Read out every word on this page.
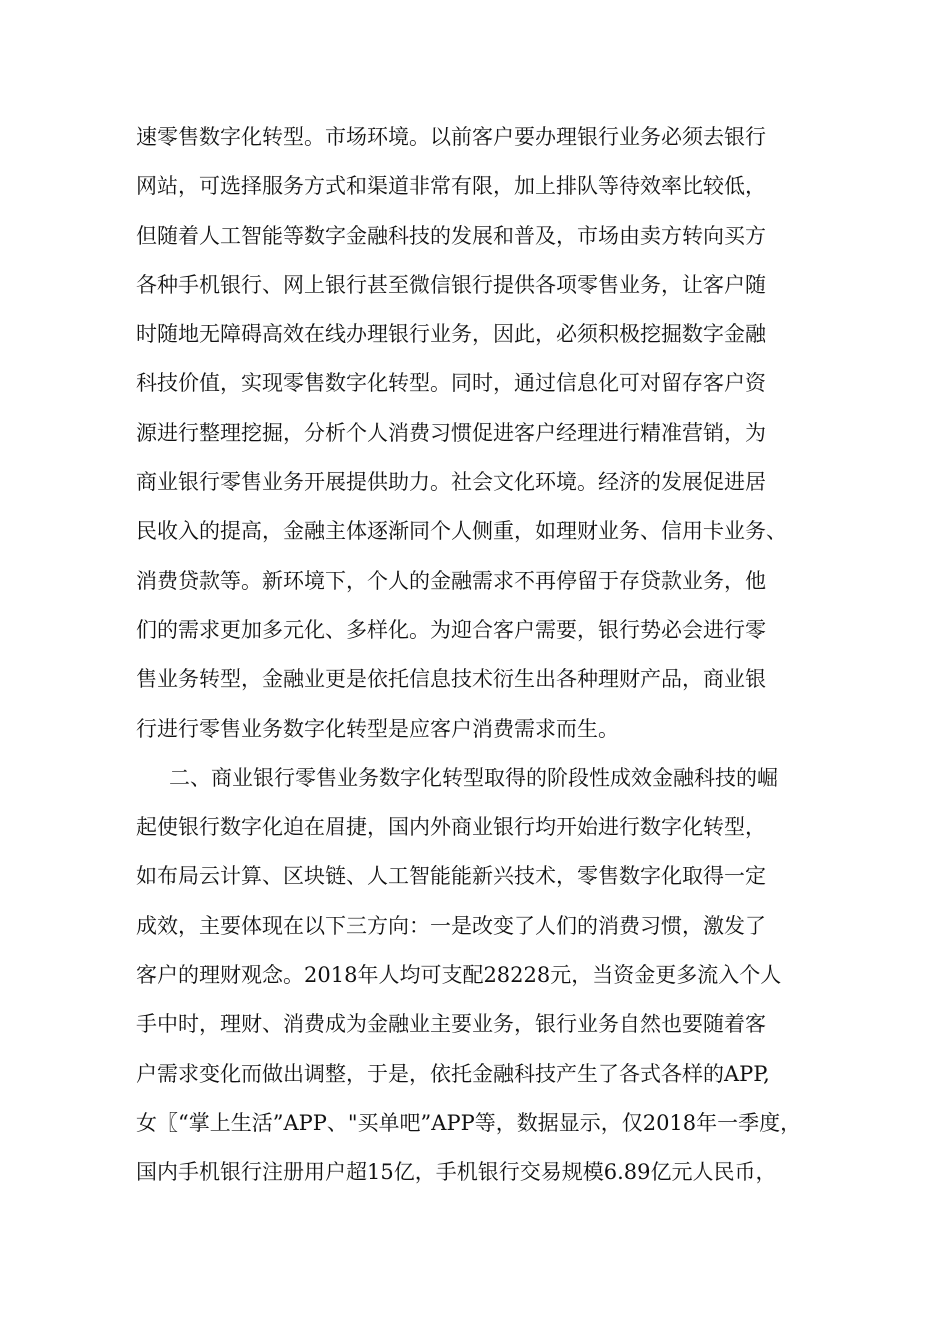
速零售数字化转型。市场环境。以前客户要办理银行业务必须去银行
网站，可选择服务方式和渠道非常有限，加上排队等待效率比较低，
但随着人工智能等数字金融科技的发展和普及，市场由卖方转向买方
各种手机银行、网上银行甚至微信银行提供各项零售业务，让客户随
时随地无障碍高效在线办理银行业务，因此，必须积极挖掘数字金融
科技价值，实现零售数字化转型。同时，通过信息化可对留存客户资
源进行整理挖掘，分析个人消费习惯促进客户经理进行精准营销，为
商业银行零售业务开展提供助力。社会文化环境。经济的发展促进居
民收入的提高，金融主体逐渐同个人侧重，如理财业务、信用卡业务、
消费贷款等。新环境下，个人的金融需求不再停留于存贷款业务，他
们的需求更加多元化、多样化。为迎合客户需要，银行势必会进行零
售业务转型，金融业更是依托信息技术衍生出各种理财产品，商业银
行进行零售业务数字化转型是应客户消费需求而生。
二、商业银行零售业务数字化转型取得的阶段性成效金融科技的崛
起使银行数字化迫在眉捷，国内外商业银行均开始进行数字化转型，
如布局云计算、区块链、人工智能能新兴技术，零售数字化取得一定
成效，主要体现在以下三方向：一是改变了人们的消费习惯，激发了
客户的理财观念。2018年人均可支配28228元，当资金更多流入个人
手中时，理财、消费成为金融业主要业务，银行业务自然也要随着客
户需求变化而做出调整，于是，依托金融科技产生了各式各样的APP,
女〖“掌上生活”APP、"买单吧”APP等，数据显示，仅2018年一季度，
国内手机银行注册用户超15亿，手机银行交易规模6.89亿元人民币，
